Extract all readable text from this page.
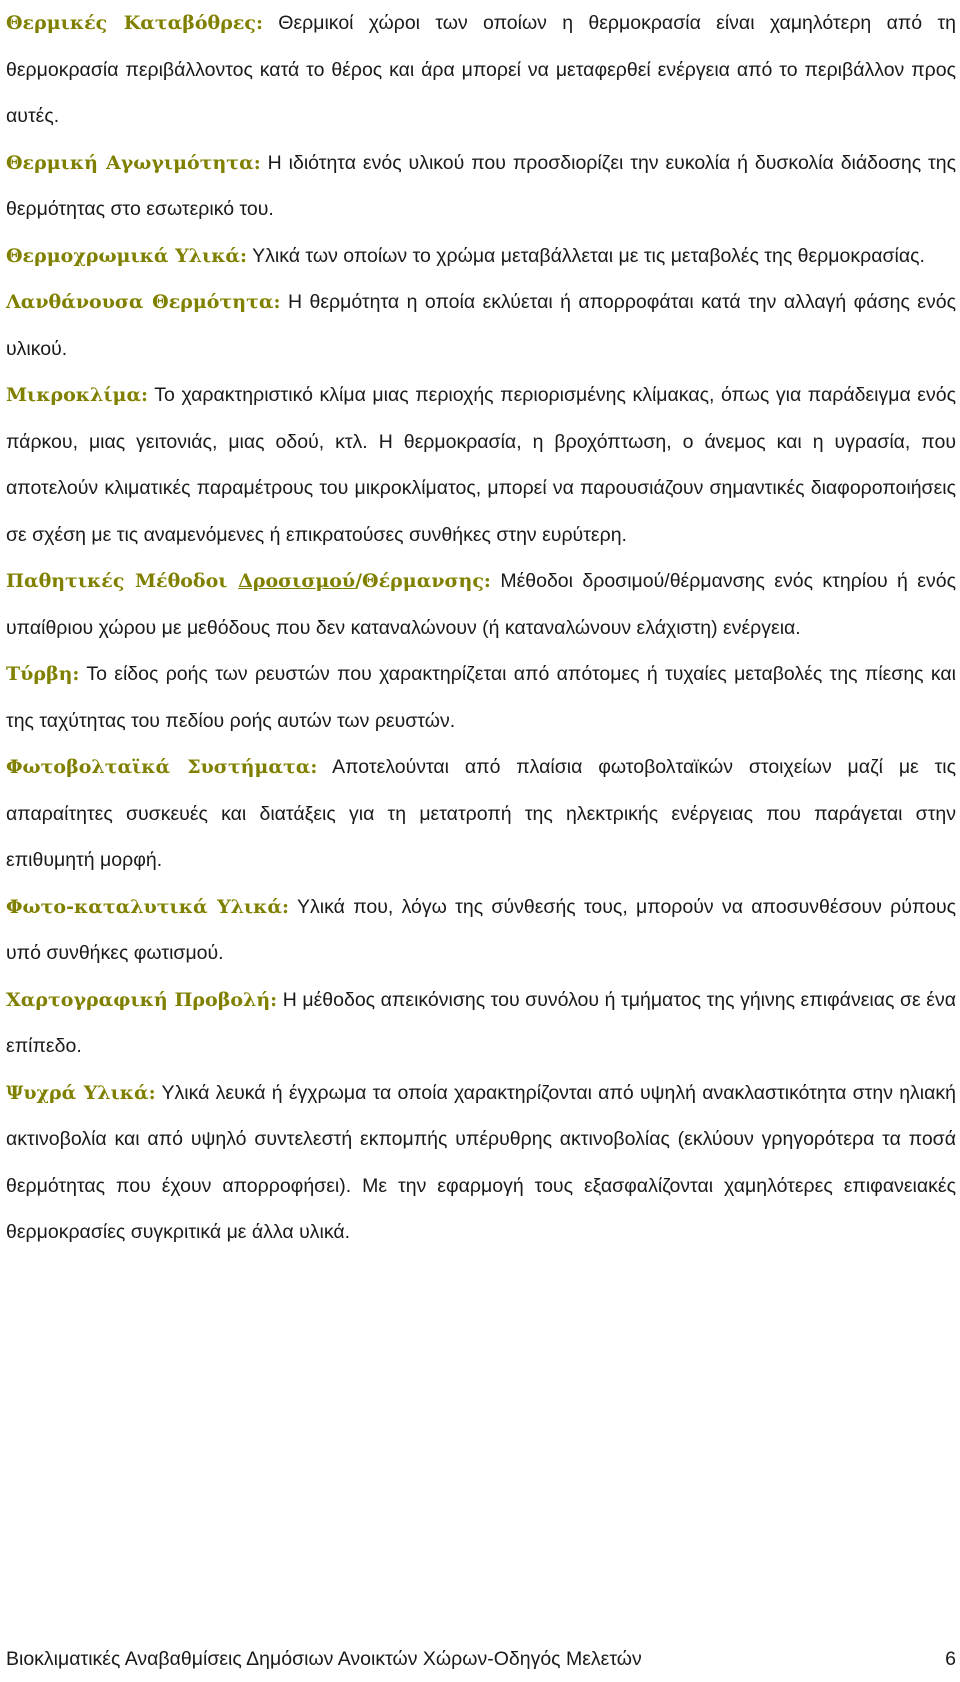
Θερμικές Καταβόθρες: Θερμικοί χώροι των οποίων η θερμοκρασία είναι χαμηλότερη από τη θερμοκρασία περιβάλλοντος κατά το θέρος και άρα μπορεί να μεταφερθεί ενέργεια από το περιβάλλον προς αυτές.

Θερμική Αγωγιμότητα: Η ιδιότητα ενός υλικού που προσδιορίζει την ευκολία ή δυσκολία διάδοσης της θερμότητας στο εσωτερικό του.

Θερμοχρωμικά Υλικά: Υλικά των οποίων το χρώμα μεταβάλλεται με τις μεταβολές της θερμοκρασίας.

Λανθάνουσα Θερμότητα: Η θερμότητα η οποία εκλύεται ή απορροφάται κατά την αλλαγή φάσης ενός υλικού.

Μικροκλίμα: Το χαρακτηριστικό κλίμα μιας περιοχής περιορισμένης κλίμακας, όπως για παράδειγμα ενός πάρκου, μιας γειτονιάς, μιας οδού, κτλ. Η θερμοκρασία, η βροχόπτωση, ο άνεμος και η υγρασία, που αποτελούν κλιματικές παραμέτρους του μικροκλίματος, μπορεί να παρουσιάζουν σημαντικές διαφοροποιήσεις σε σχέση με τις αναμενόμενες ή επικρατούσες συνθήκες στην ευρύτερη.

Παθητικές Μέθοδοι Δροσισμού/Θέρμανσης: Μέθοδοι δροσιμού/θέρμανσης ενός κτηρίου ή ενός υπαίθριου χώρου με μεθόδους που δεν καταναλώνουν (ή καταναλώνουν ελάχιστη) ενέργεια.

Τύρβη: Το είδος ροής των ρευστών που χαρακτηρίζεται από απότομες ή τυχαίες μεταβολές της πίεσης και της ταχύτητας του πεδίου ροής αυτών των ρευστών.

Φωτοβολταϊκά Συστήματα: Αποτελούνται από πλαίσια φωτοβολταϊκών στοιχείων μαζί με τις απαραίτητες συσκευές και διατάξεις για τη μετατροπή της ηλεκτρικής ενέργειας που παράγεται στην επιθυμητή μορφή.

Φωτο-καταλυτικά Υλικά: Υλικά που, λόγω της σύνθεσής τους, μπορούν να αποσυνθέσουν ρύπους υπό συνθήκες φωτισμού.

Χαρτογραφική Προβολή: Η μέθοδος απεικόνισης του συνόλου ή τμήματος της γήινης επιφάνειας σε ένα επίπεδο.

Ψυχρά Υλικά: Υλικά λευκά ή έγχρωμα τα οποία χαρακτηρίζονται από υψηλή ανακλαστικότητα στην ηλιακή ακτινοβολία και από υψηλό συντελεστή εκπομπής υπέρυθρης ακτινοβολίας (εκλύουν γρηγορότερα τα ποσά θερμότητας που έχουν απορροφήσει). Με την εφαρμογή τους εξασφαλίζονται χαμηλότερες επιφανειακές θερμοκρασίες συγκριτικά με άλλα υλικά.

Βιοκλιματικές Αναβαθμίσεις Δημόσιων Ανοικτών Χώρων-Οδηγός Μελετών	6
